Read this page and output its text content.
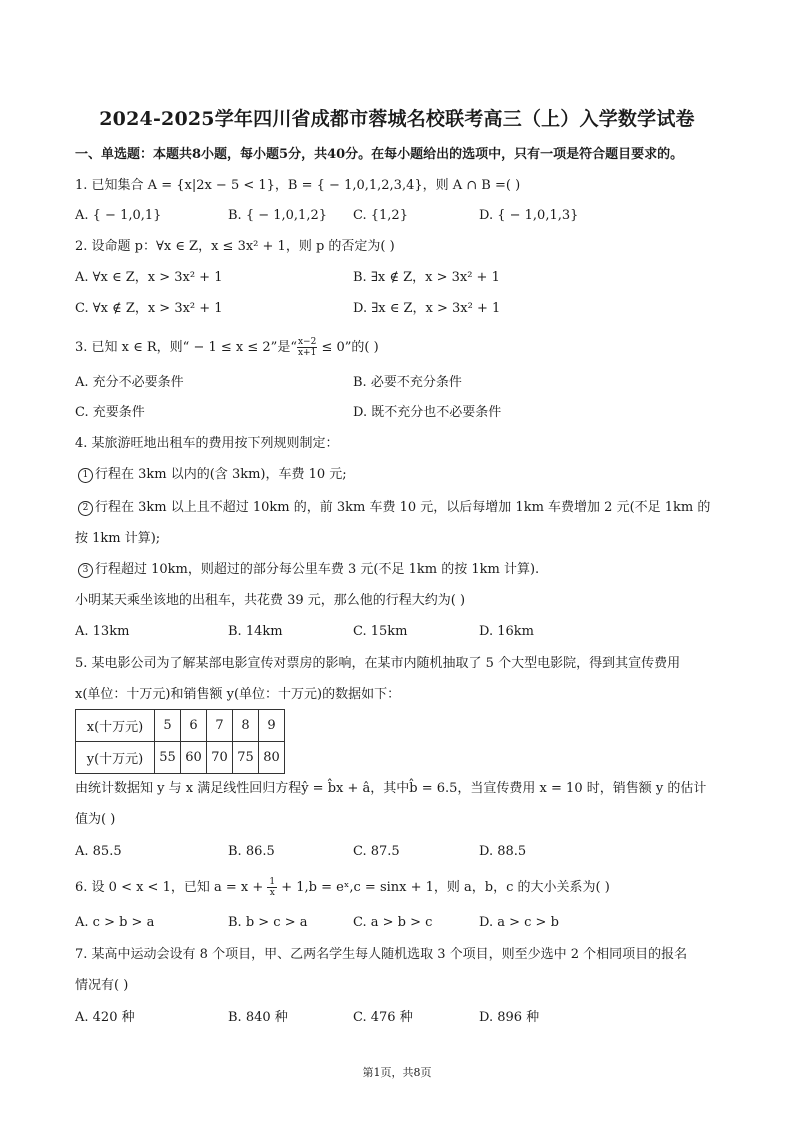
2024-2025学年四川省成都市蓉城名校联考高三（上）入学数学试卷
一、单选题：本题共8小题，每小题5分，共40分。在每小题给出的选项中，只有一项是符合题目要求的。
1. 已知集合 A = {x|2x − 5 < 1}，B = { − 1,0,1,2,3,4}，则 A ∩ B =( )
A. { − 1,0,1}	B. { − 1,0,1,2} C. {1,2}	D. { − 1,0,1,3}
2. 设命题 p：∀x ∈ Z，x ≤ 3x² + 1，则 p 的否定为( )
A. ∀x ∈ Z，x > 3x² + 1	B. ∃x ∉ Z，x > 3x² + 1
C. ∀x ∉ Z，x > 3x² + 1	D. ∃x ∈ Z，x > 3x² + 1
3. 已知 x ∈ R，则“ − 1 ≤ x ≤ 2”是“ $\frac{x-2}{x+1} \le 0$”的( )
A. 充分不必要条件	B. 必要不充分条件
C. 充要条件	D. 既不充分也不必要条件
4. 某旅游旺地出租车的费用按下列规则制定：
1 行程在 3km 以内的(含 3km)，车费 10 元;
2 行程在 3km 以上且不超过 10km 的，前 3km 车费 10 元，以后每增加 1km 车费增加 2 元(不足 1km 的
按 1km 计算);
3 行程超过 10km，则超过的部分每公里车费 3 元(不足 1km 的按 1km 计算).
小明某天乘坐该地的出租车，共花费 39 元，那么他的行程大约为( )
A. 13km	B. 14km	C. 15km	D. 16km
5. 某电影公司为了解某部电影宣传对票房的影响，在某市内随机抽取了 5 个大型电影院，得到其宣传费用
x(单位：十万元)和销售额 y(单位：十万元)的数据如下：
x(十万元)	5	6	7	8	9
y(十万元)	55	60	70	75	80
由统计数据知 y 与 x 满足线性回归方程ŷ = b̂x + â，其中b̂ = 6.5，当宣传费用 x = 10 时，销售额 y 的估计
值为( )
A. 85.5	B. 86.5	C. 87.5	D. 88.5
6. 设 0 < x < 1，已知 $a = x + \frac{1}{x} + 1,b$ = eˣ,c = sinx + 1，则 a，b，c 的大小关系为( )
A. c > b > a	B. b > c > a	C. a > b > c	D. a > c > b
7. 某高中运动会设有 8 个项目，甲、乙两名学生每人随机选取 3 个项目，则至少选中 2 个相同项目的报名
情况有( )
A. 420 种	B. 840 种	C. 476 种	D. 896 种
第1页，共8页
